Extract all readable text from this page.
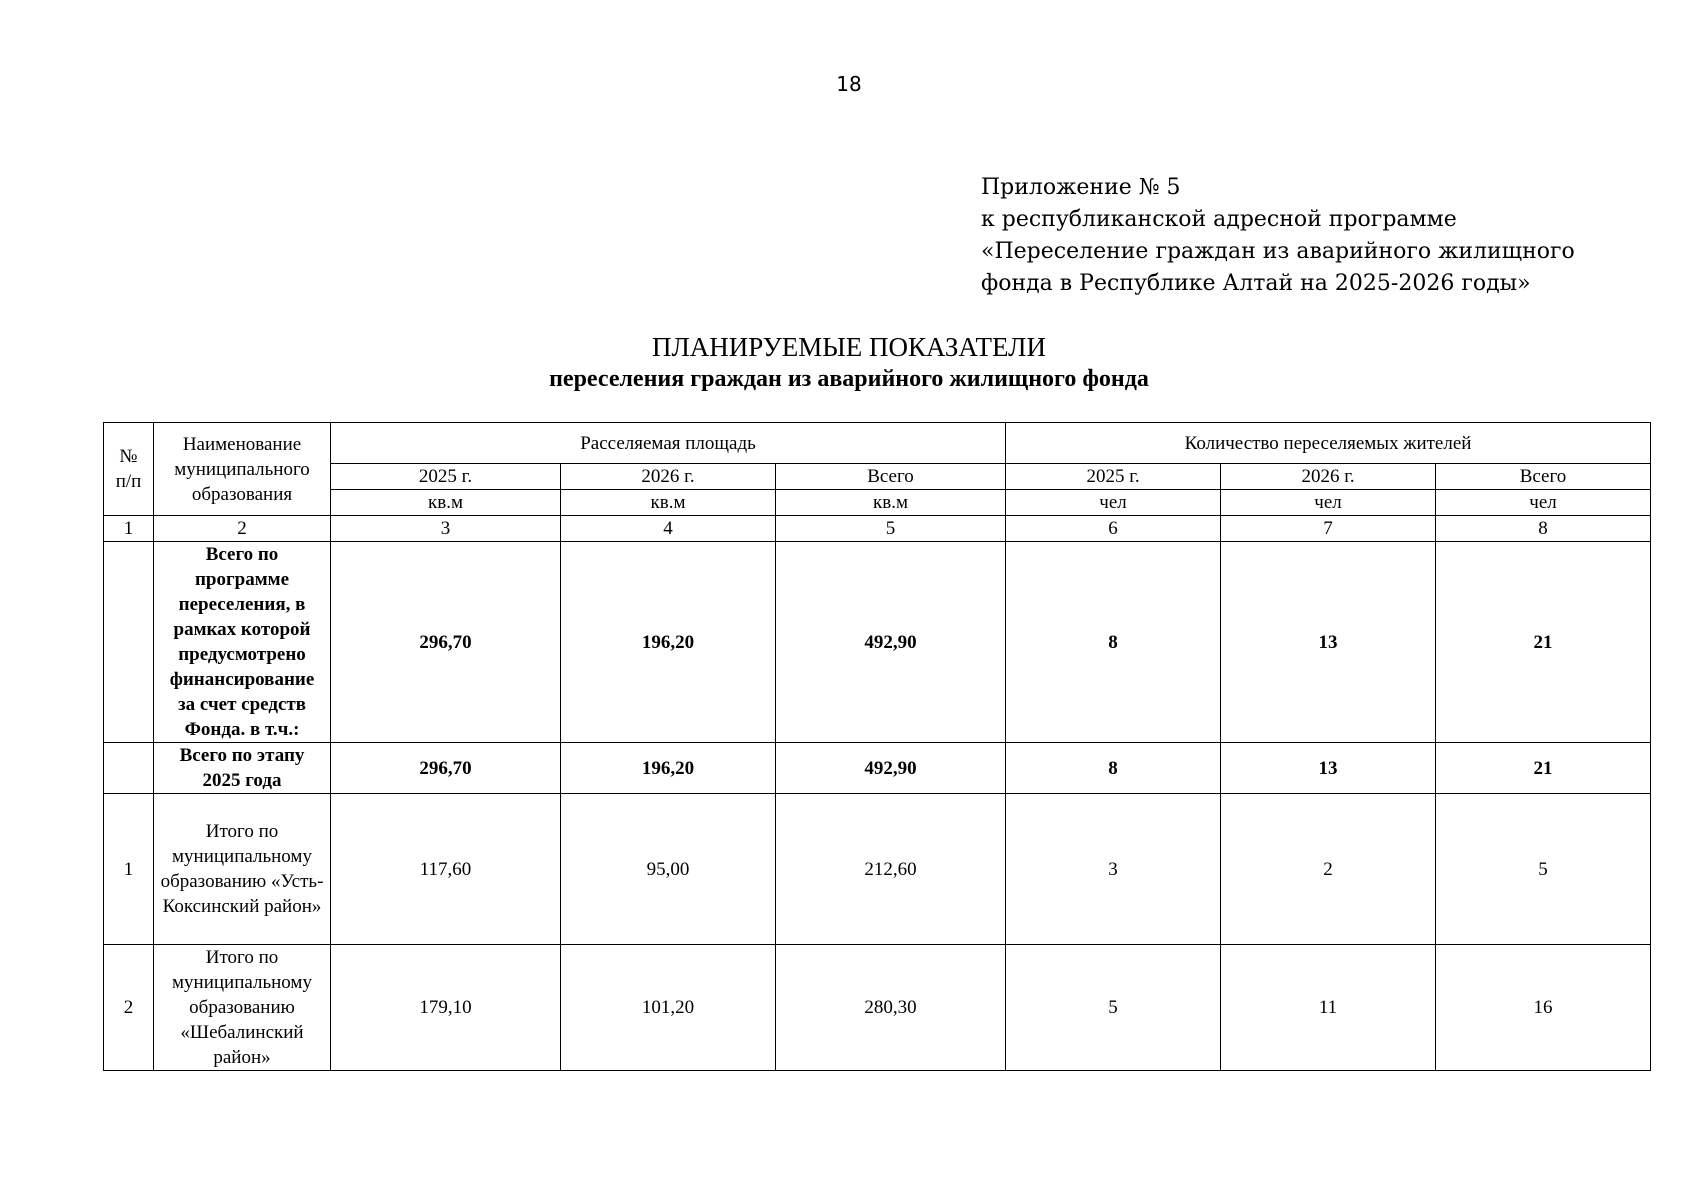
18
Приложение № 5
к республиканской адресной программе
«Переселение граждан из аварийного жилищного
фонда в Республике Алтай на 2025-2026 годы»
ПЛАНИРУЕМЫЕ ПОКАЗАТЕЛИ
переселения граждан из аварийного жилищного фонда
№ п/п	Наименование муниципального образования	Расселяемая площадь			Количество переселяемых жителей		
		2025 г.	2026 г.	Всего	2025 г.	2026 г.	Всего
		кв.м	кв.м	кв.м	чел	чел	чел
1	2	3	4	5	6	7	8
	Всего по программе переселения, в рамках которой предусмотрено финансирование за счет средств Фонда. в т.ч.:	296,70	196,20	492,90	8	13	21
	Всего по этапу 2025 года	296,70	196,20	492,90	8	13	21
1	Итого по муниципальному образованию «Усть-Коксинский район»	117,60	95,00	212,60	3	2	5
2	Итого по муниципальному образованию «Шебалинский район»	179,10	101,20	280,30	5	11	16
